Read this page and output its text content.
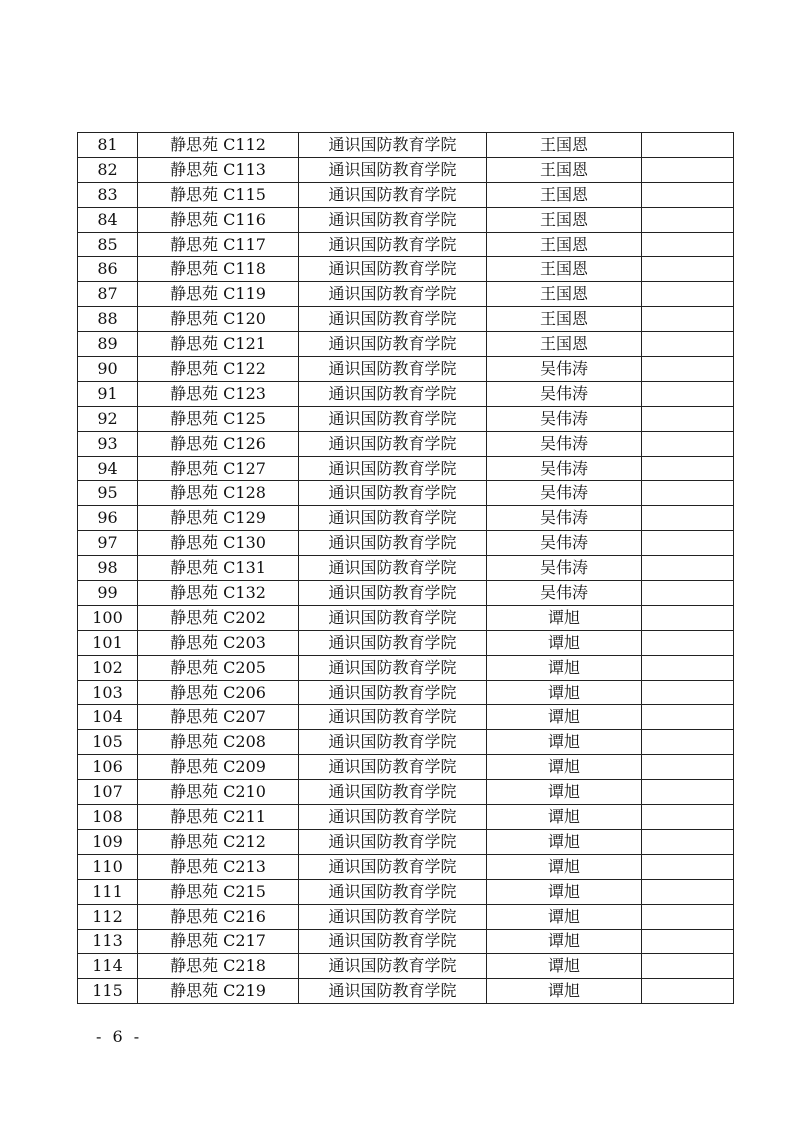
81	静思苑 C112	通识国防教育学院	王国恩	
82	静思苑 C113	通识国防教育学院	王国恩	
83	静思苑 C115	通识国防教育学院	王国恩	
84	静思苑 C116	通识国防教育学院	王国恩	
85	静思苑 C117	通识国防教育学院	王国恩	
86	静思苑 C118	通识国防教育学院	王国恩	
87	静思苑 C119	通识国防教育学院	王国恩	
88	静思苑 C120	通识国防教育学院	王国恩	
89	静思苑 C121	通识国防教育学院	王国恩	
90	静思苑 C122	通识国防教育学院	吴伟涛	
91	静思苑 C123	通识国防教育学院	吴伟涛	
92	静思苑 C125	通识国防教育学院	吴伟涛	
93	静思苑 C126	通识国防教育学院	吴伟涛	
94	静思苑 C127	通识国防教育学院	吴伟涛	
95	静思苑 C128	通识国防教育学院	吴伟涛	
96	静思苑 C129	通识国防教育学院	吴伟涛	
97	静思苑 C130	通识国防教育学院	吴伟涛	
98	静思苑 C131	通识国防教育学院	吴伟涛	
99	静思苑 C132	通识国防教育学院	吴伟涛	
100	静思苑 C202	通识国防教育学院	谭旭	
101	静思苑 C203	通识国防教育学院	谭旭	
102	静思苑 C205	通识国防教育学院	谭旭	
103	静思苑 C206	通识国防教育学院	谭旭	
104	静思苑 C207	通识国防教育学院	谭旭	
105	静思苑 C208	通识国防教育学院	谭旭	
106	静思苑 C209	通识国防教育学院	谭旭	
107	静思苑 C210	通识国防教育学院	谭旭	
108	静思苑 C211	通识国防教育学院	谭旭	
109	静思苑 C212	通识国防教育学院	谭旭	
110	静思苑 C213	通识国防教育学院	谭旭	
111	静思苑 C215	通识国防教育学院	谭旭	
112	静思苑 C216	通识国防教育学院	谭旭	
113	静思苑 C217	通识国防教育学院	谭旭	
114	静思苑 C218	通识国防教育学院	谭旭	
115	静思苑 C219	通识国防教育学院	谭旭	
- 6 -
